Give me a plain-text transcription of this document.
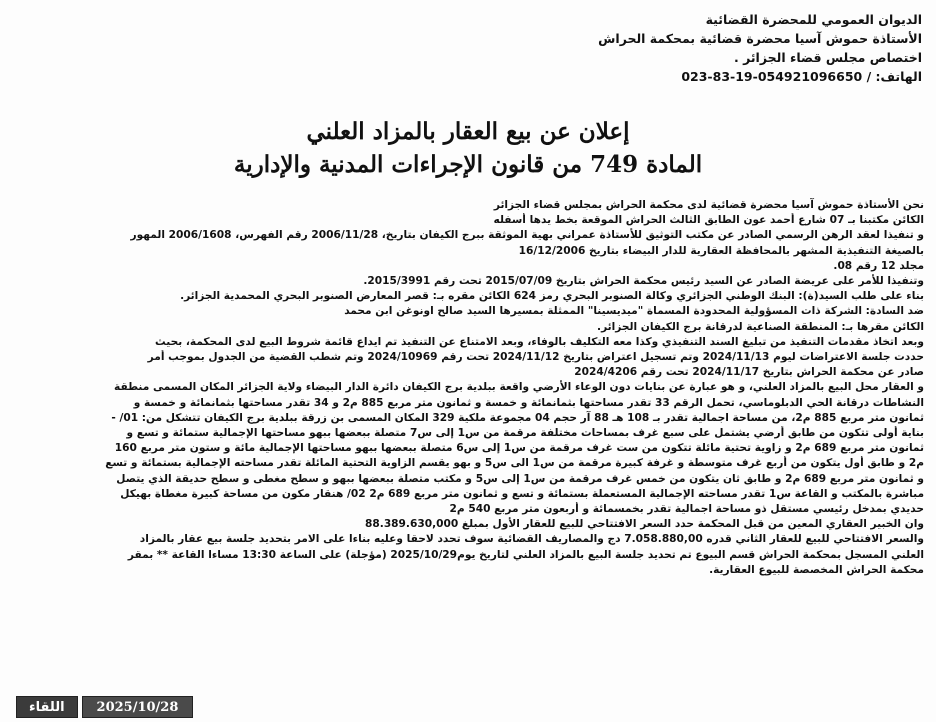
الديوان العمومي للمحضرة القضائية
الأستاذة حموش آسيا محضرة قضائية بمحكمة الحراش
اختصاص مجلس قضاء الجزائر .
الهاتف: / 054921096650-19-83-023
إعلان عن بيع العقار بالمزاد العلني
المادة 749 من قانون الإجراءات المدنية والإدارية
نحن الأستاذة حموش آسيا محضرة قضائية لدى محكمة الحراش بمجلس قضاء الجزائر
الكائن مكتبنا بـ 07 شارع أحمد عون الطابق الثالث الحراش الموقعة بخط يدها أسفله
و تنفيذا لعقد الرهن الرسمي الصادر عن مكتب التوثيق للأستاذة عمراني بهية الموثقة ببرج الكيفان بتاريخ، 2006/11/28 رقم الفهرس، 2006/1608 المهور
بالصيغة التنفيذية المشهر بالمحافظة العقارية للدار البيضاء بتاريخ 16/12/2006
مجلد 12 رقم 08.
وتنفيذا للأمر على عريضة الصادر عن السيد رئيس محكمة الحراش بتاريخ 2015/07/09 تحت رقم 2015/3991.
بناء على طلب السيد(ة): البنك الوطني الجزائري وكالة الصنوبر البحري رمز 624 الكائن مقره بـ: قصر المعارض الصنوبر البحري المحمدية الجزائر.
ضد السادة: الشركة ذات المسؤولية المحدودة المسماة "ميديسينا" الممثلة بمسيرها السيد صالح اونوغن ابن محمد
الكائن مقرها بـ: المنطقة الصناعية لدرقانة برج الكيفان الجزائر.
وبعد اتخاذ مقدمات التنفيذ من تبليغ السند التنفيذي وكذا معه التكليف بالوفاء، وبعد الامتناع عن التنفيذ تم ايداع قائمة شروط البيع لدى المحكمة، بحيث
حددت جلسة الاعتراضات ليوم 2024/11/13 وتم تسجيل اعتراض بتاريخ 2024/11/12 تحت رقم 2024/10969 وتم شطب القضية من الجدول بموجب أمر
صادر عن محكمة الحراش بتاريخ 2024/11/17 تحت رقم 2024/4206
و العقار محل البيع بالمزاد العلني، و هو عبارة عن بنايات دون الوعاء الأرضي واقعة ببلدية برج الكيفان دائرة الدار البيضاء ولاية الجزائر المكان المسمى منطقة
النشاطات درقانة الحي الدبلوماسي، تحمل الرقم 33 تقدر مساحتها بثمانمائة و خمسة و ثمانون متر مربع 885 م2 و 34 تقدر مساحتها بثمانمائة و خمسة و
ثمانون متر مربع 885 م2، من مساحة اجمالية تقدر بـ 108 هـ 88 آر حجم 04 مجموعة ملكية 329 المكان المسمى بن زرقة ببلدية برج الكيفان تتشكل من: 01/ -
بناية أولى تتكون من طابق أرضي يشتمل على سبع غرف بمساحات مختلفة مرقمة من س1 إلى س7 متصلة ببعضها ببهو مساحتها الإجمالية ستمائة و تسع و
ثمانون متر مربع 689 م2 و زاوية تحتية مائلة تتكون من ست غرف مرقمة من س1 إلى س6 متصلة ببعضها ببهو مساحتها الإجمالية مائة و ستون متر مربع 160
م2 و طابق أول يتكون من أربع غرف متوسطة و غرفة كبيرة مرقمة من س1 الى س5 و بهو يقسم الزاوية التحتية المائلة تقدر مساحته الإجمالية بستمائة و تسع
و ثمانون متر مربع 689 م2 و طابق ثان يتكون من خمس غرف مرقمة من س1 إلى س5 و مكتب متصلة ببعضها ببهو و سطح مغطى و سطح حديقة الذي يتصل
مباشرة بالمكتب و القاعة س1 تقدر مساحته الإجمالية المستعملة بستمائة و تسع و ثمانون متر مربع 689 م2 02/ هنقار مكون من مساحة كبيرة مغطاة بهيكل
حديدي بمدخل رئيسي مستقل ذو مساحة اجمالية تقدر بخمسمائة و أربعون متر مربع 540 م2
وان الخبير العقاري المعين من قبل المحكمة حدد السعر الافتتاحي للبيع للعقار الأول بمبلغ 88.389.630,000
والسعر الافتتاحي للبيع للعقار الثاني قدره 7.058.880,00 دج والمصاريف القضائية سوف تحدد لاحقا وعليه بناءا على الامر بتحديد جلسة بيع عقار بالمزاد
العلني المسجل بمحكمة الحراش قسم البيوع تم تحديد جلسة البيع بالمزاد العلني لتاريخ يوم2025/10/29 (مؤجلة) على الساعة 13:30 مساءا القاعة ** بمقر
محكمة الحراش المخصصة للبيوع العقارية.
اللقاء	2025/10/28
